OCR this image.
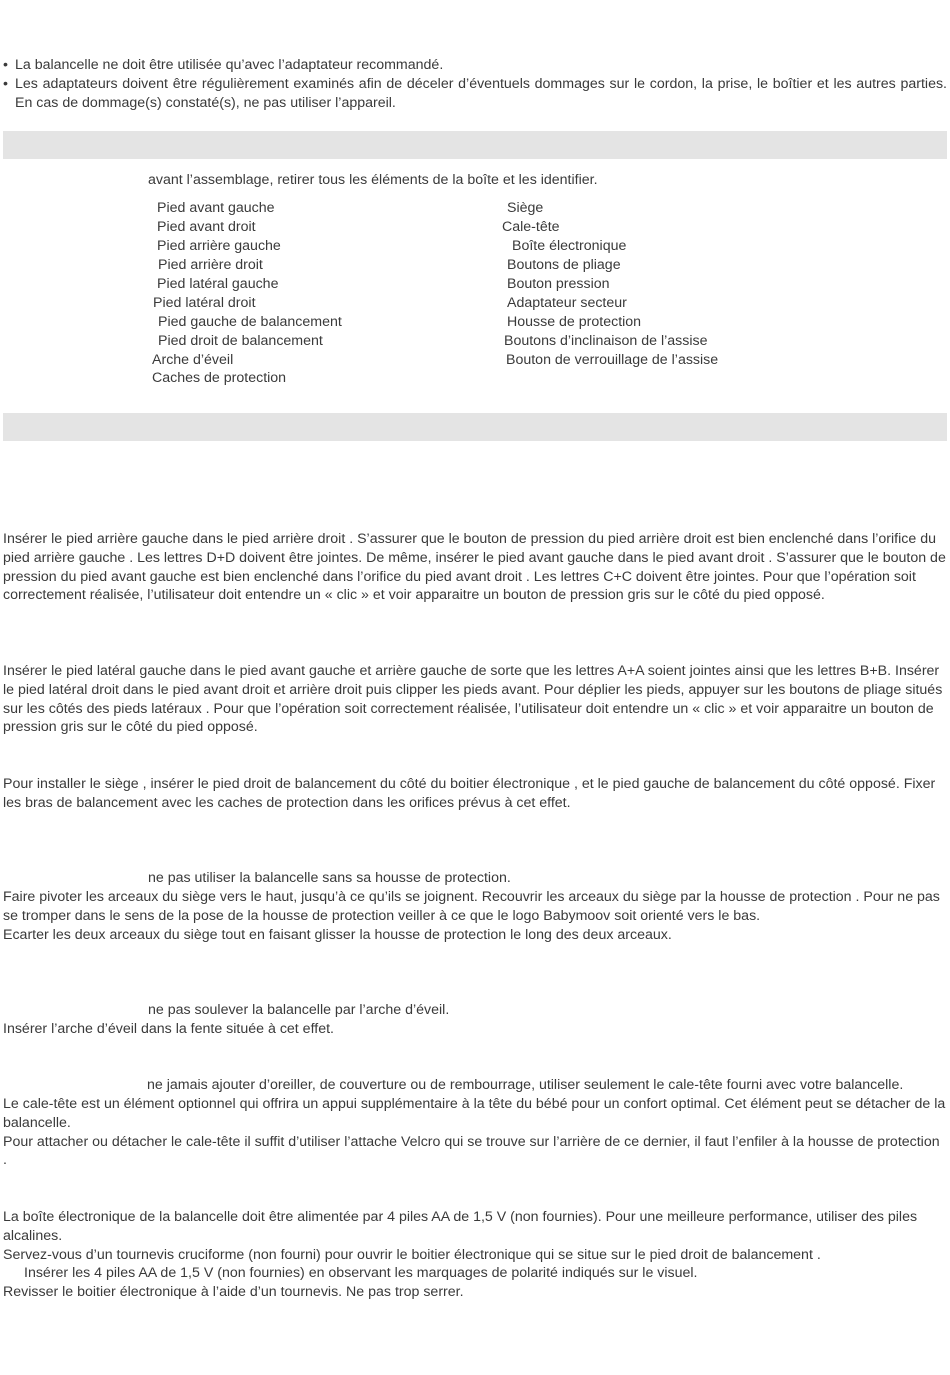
• La balancelle ne doit être utilisée qu’avec l’adaptateur recommandé.
• Les adaptateurs doivent être régulièrement examinés afin de déceler d’éventuels dommages sur le cordon, la prise, le boîtier et les autres parties. En cas de dommage(s) constaté(s), ne pas utiliser l’appareil.
avant l’assemblage, retirer tous les éléments de la boîte et les identifier.
Pied avant gauche
Pied avant droit
Pied arrière gauche
Pied arrière droit
Pied latéral gauche
Pied latéral droit
Pied gauche de balancement
Pied droit de balancement
Arche d’éveil
Caches de protection
Siège
Cale-tête
Boîte électronique
Boutons de pliage
Bouton pression
Adaptateur secteur
Housse de protection
Boutons d’inclinaison de l’assise
Bouton de verrouillage de l’assise

Insérer le pied arrière gauche dans le pied arrière droit . S’assurer que le bouton de pression du pied arrière droit est bien enclenché dans l’orifice du pied arrière gauche . Les lettres D+D doivent être jointes. De même, insérer le pied avant gauche dans le pied avant droit . S’assurer que le bouton de pression du pied avant gauche est bien enclenché dans l’orifice du pied avant droit . Les lettres C+C doivent être jointes. Pour que l’opération soit correctement réalisée, l’utilisateur doit entendre un « clic » et voir apparaitre un bouton de pression gris sur le côté du pied opposé.

Insérer le pied latéral gauche dans le pied avant gauche et arrière gauche de sorte que les lettres A+A soient jointes ainsi que les lettres B+B. Insérer le pied latéral droit dans le pied avant droit et arrière droit puis clipper les pieds avant. Pour déplier les pieds, appuyer sur les boutons de pliage situés sur les côtés des pieds latéraux . Pour que l’opération soit correctement réalisée, l’utilisateur doit entendre un « clic » et voir apparaitre un bouton de pression gris sur le côté du pied opposé.

Pour installer le siège , insérer le pied droit de balancement du côté du boitier électronique , et le pied gauche de balancement du côté opposé. Fixer les bras de balancement avec les caches de protection dans les orifices prévus à cet effet.

ne pas utiliser la balancelle sans sa housse de protection.

Faire pivoter les arceaux du siège vers le haut, jusqu’à ce qu’ils se joignent. Recouvrir les arceaux du siège par la housse de protection . Pour ne pas se tromper dans le sens de la pose de la housse de protection veiller à ce que le logo Babymoov soit orienté vers le bas.

Ecarter les deux arceaux du siège tout en faisant glisser la housse de protection le long des deux arceaux.

ne pas soulever la balancelle par l’arche d’éveil.

Insérer l’arche d’éveil dans la fente située à cet effet.

ne jamais ajouter d’oreiller, de couverture ou de rembourrage, utiliser seulement le cale-tête fourni avec votre balancelle.

Le cale-tête est un élément optionnel qui offrira un appui supplémentaire à la tête du bébé pour un confort optimal. Cet élément peut se détacher de la balancelle.

Pour attacher ou détacher le cale-tête il suffit d’utiliser l’attache Velcro qui se trouve sur l’arrière de ce dernier, il faut l’enfiler à la housse de protection .

La boîte électronique de la balancelle doit être alimentée par 4 piles AA de 1,5 V (non fournies). Pour une meilleure performance, utiliser des piles alcalines.

Servez-vous d’un tournevis cruciforme (non fourni) pour ouvrir le boitier électronique qui se situe sur le pied droit de balancement .

Insérer les 4 piles AA de 1,5 V (non fournies) en observant les marquages de polarité indiqués sur le visuel.

Revisser le boitier électronique à l’aide d’un tournevis. Ne pas trop serrer.
